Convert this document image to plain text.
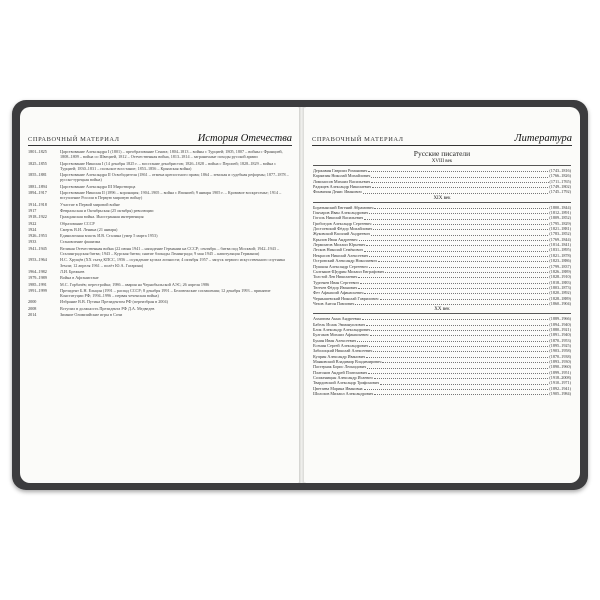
СПРАВОЧНЫЙ МАТЕРИАЛ	История Отечества
1801–1825	Царствование Александра I (1801) – преобразование Сената; 1804–1813 – войны с Турцией; 1805, 1807 – войны с Францией, 1808–1809 – война со Швецией, 1812 – Отечественная война, 1813–1814 – заграничные походы русской армии
1825–1855	Царствование Николая I (14 декабря 1825 г. – восстание декабристов; 1826–1828 – война с Персией; 1828–1829 – война с Турцией; 1830–1831 – польское восстание; 1853–1856 – Крымская война)
1855–1881	Царствование Александра II Освободителя (1861 – отмена крепостного права; 1864 – земская и судебная реформы; 1877–1878 – русско-турецкая война)
1881–1894	Царствование Александра III Миротворца
1894–1917	Царствование Николая II (1896 – коронация; 1904–1905 – война с Японией; 9 января 1905 г. – Кровавое воскресенье; 1914 – вступление России в Первую мировую войну)
1914–1918	Участие в Первой мировой войне
1917	Февральская и Октябрьская (25 октября) революции
1918–1922	Гражданская война. Иностранная интервенция
1922	Образование СССР
1924	Смерть В.И. Ленина (21 января)
1926–1953	Единоличная власть И.В. Сталина (умер 5 марта 1953)
1933	Становление фашизма
1941–1945	Великая Отечественная война (22 июня 1941 – нападение Германии на СССР; сентябрь – битва под Москвой; 1942–1943 – Сталинградская битва; 1943 – Курская битва; снятие блокады Ленинграда; 9 мая 1945 – капитуляция Германии)
1953–1964	Н.С. Хрущёв (XX съезд КПСС, 1956 – осуждение культа личности; 4 октября 1957 – запуск первого искусственного спутника Земли; 12 апреля 1961 – полёт Ю.А. Гагарина)
1964–1982	Л.И. Брежнев
1979–1989	Война в Афганистане
1985–1991	М.С. Горбачёв; перестройка; 1986 – авария на Чернобыльской АЭС; 26 апреля 1986
1991–1999	Президент Б.Н. Ельцин (1991 – распад СССР; 8 декабря 1991 – Беловежские соглашения; 12 декабря 1993 – принятие Конституции РФ; 1994–1996 – первая чеченская война)
2000	Избрание В.В. Путина Президентом РФ (переизбран в 2004)
2008	Вступил в должность Президента РФ Д.А. Медведев
2014	Зимние Олимпийские игры в Сочи
СПРАВОЧНЫЙ МАТЕРИАЛ	Литература
Русские писатели
XVIII век
Державин Гавриил Романович	(1743–1816)
Карамзин Николай Михайлович	(1766–1826)
Ломоносов Михаил Васильевич	(1711–1765)
Радищев Александр Николаевич	(1749–1802)
Фонвизин Денис Иванович	(1745–1792)
XIX век
Боратынский Евгений Абрамович	(1800–1844)
Гончаров Иван Александрович	(1812–1891)
Гоголь Николай Васильевич	(1809–1852)
Грибоедов Александр Сергеевич	(1795–1829)
Достоевский Фёдор Михайлович	(1821–1881)
Жуковский Василий Андреевич	(1783–1852)
Крылов Иван Андреевич	(1769–1844)
Лермонтов Михаил Юрьевич	(1814–1841)
Лесков Николай Семёнович	(1831–1895)
Некрасов Николай Алексеевич	(1821–1878)
Островский Александр Николаевич	(1823–1886)
Пушкин Александр Сергеевич	(1799–1837)
Салтыков-Щедрин Михаил Евграфович	(1826–1889)
Толстой Лев Николаевич	(1828–1910)
Тургенев Иван Сергеевич	(1818–1883)
Тютчев Фёдор Иванович	(1803–1873)
Фет Афанасий Афанасьевич	(1820–1892)
Чернышевский Николай Гаврилович	(1828–1889)
Чехов Антон Павлович	(1860–1904)
XX век
Ахматова Анна Андреевна	(1889–1966)
Бабель Исаак Эммануилович	(1894–1940)
Блок Александр Александрович	(1880–1921)
Булгаков Михаил Афанасьевич	(1891–1940)
Бунин Иван Алексеевич	(1870–1953)
Есенин Сергей Александрович	(1895–1925)
Заболоцкий Николай Алексеевич	(1903–1958)
Куприн Александр Иванович	(1870–1938)
Маяковский Владимир Владимирович	(1893–1930)
Пастернак Борис Леонидович	(1890–1960)
Платонов Андрей Платонович	(1899–1951)
Солженицын Александр Исаевич	(1918–2008)
Твардовский Александр Трифонович	(1910–1971)
Цветаева Марина Ивановна	(1892–1941)
Шолохов Михаил Александрович	(1905–1984)
